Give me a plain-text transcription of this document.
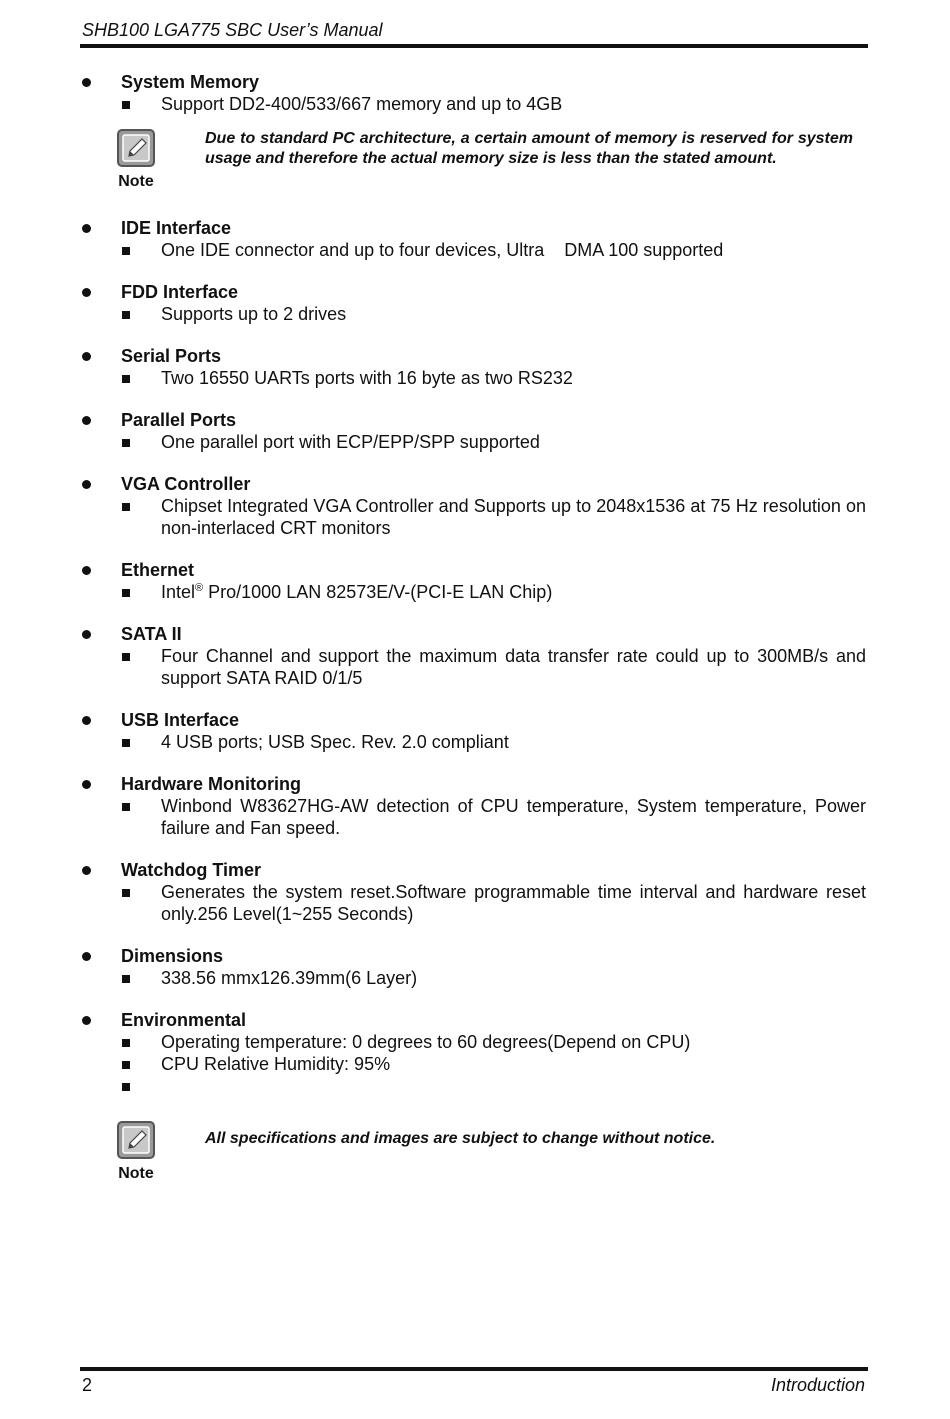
SHB100 LGA775 SBC User’s Manual
System Memory
Support DD2-400/533/667 memory and up to 4GB
Note
Due to standard PC architecture, a certain amount of memory is reserved for system usage and therefore the actual memory size is less than the stated amount.
IDE Interface
One IDE connector and up to four devices, Ultra    DMA 100 supported
FDD Interface
Supports up to 2 drives
Serial Ports
Two 16550 UARTs ports with 16 byte as two RS232
Parallel Ports
One parallel port with ECP/EPP/SPP supported
VGA Controller
Chipset Integrated VGA Controller and Supports up to 2048x1536 at 75 Hz resolution on non-interlaced CRT monitors
Ethernet
Intel® Pro/1000 LAN 82573E/V-(PCI-E LAN Chip)
SATA II
Four Channel and support the maximum data transfer rate could up to 300MB/s and support SATA RAID 0/1/5
USB Interface
4 USB ports; USB Spec. Rev. 2.0 compliant
Hardware Monitoring
Winbond W83627HG-AW detection of CPU temperature, System temperature, Power failure and Fan speed.
Watchdog Timer
Generates the system reset.Software programmable time interval and hardware reset only.256 Level(1~255 Seconds)
Dimensions
338.56 mmx126.39mm(6 Layer)
Environmental
Operating temperature: 0 degrees to 60 degrees(Depend on CPU)
CPU Relative Humidity: 95%
Note
All specifications and images are subject to change without notice.
2	Introduction
